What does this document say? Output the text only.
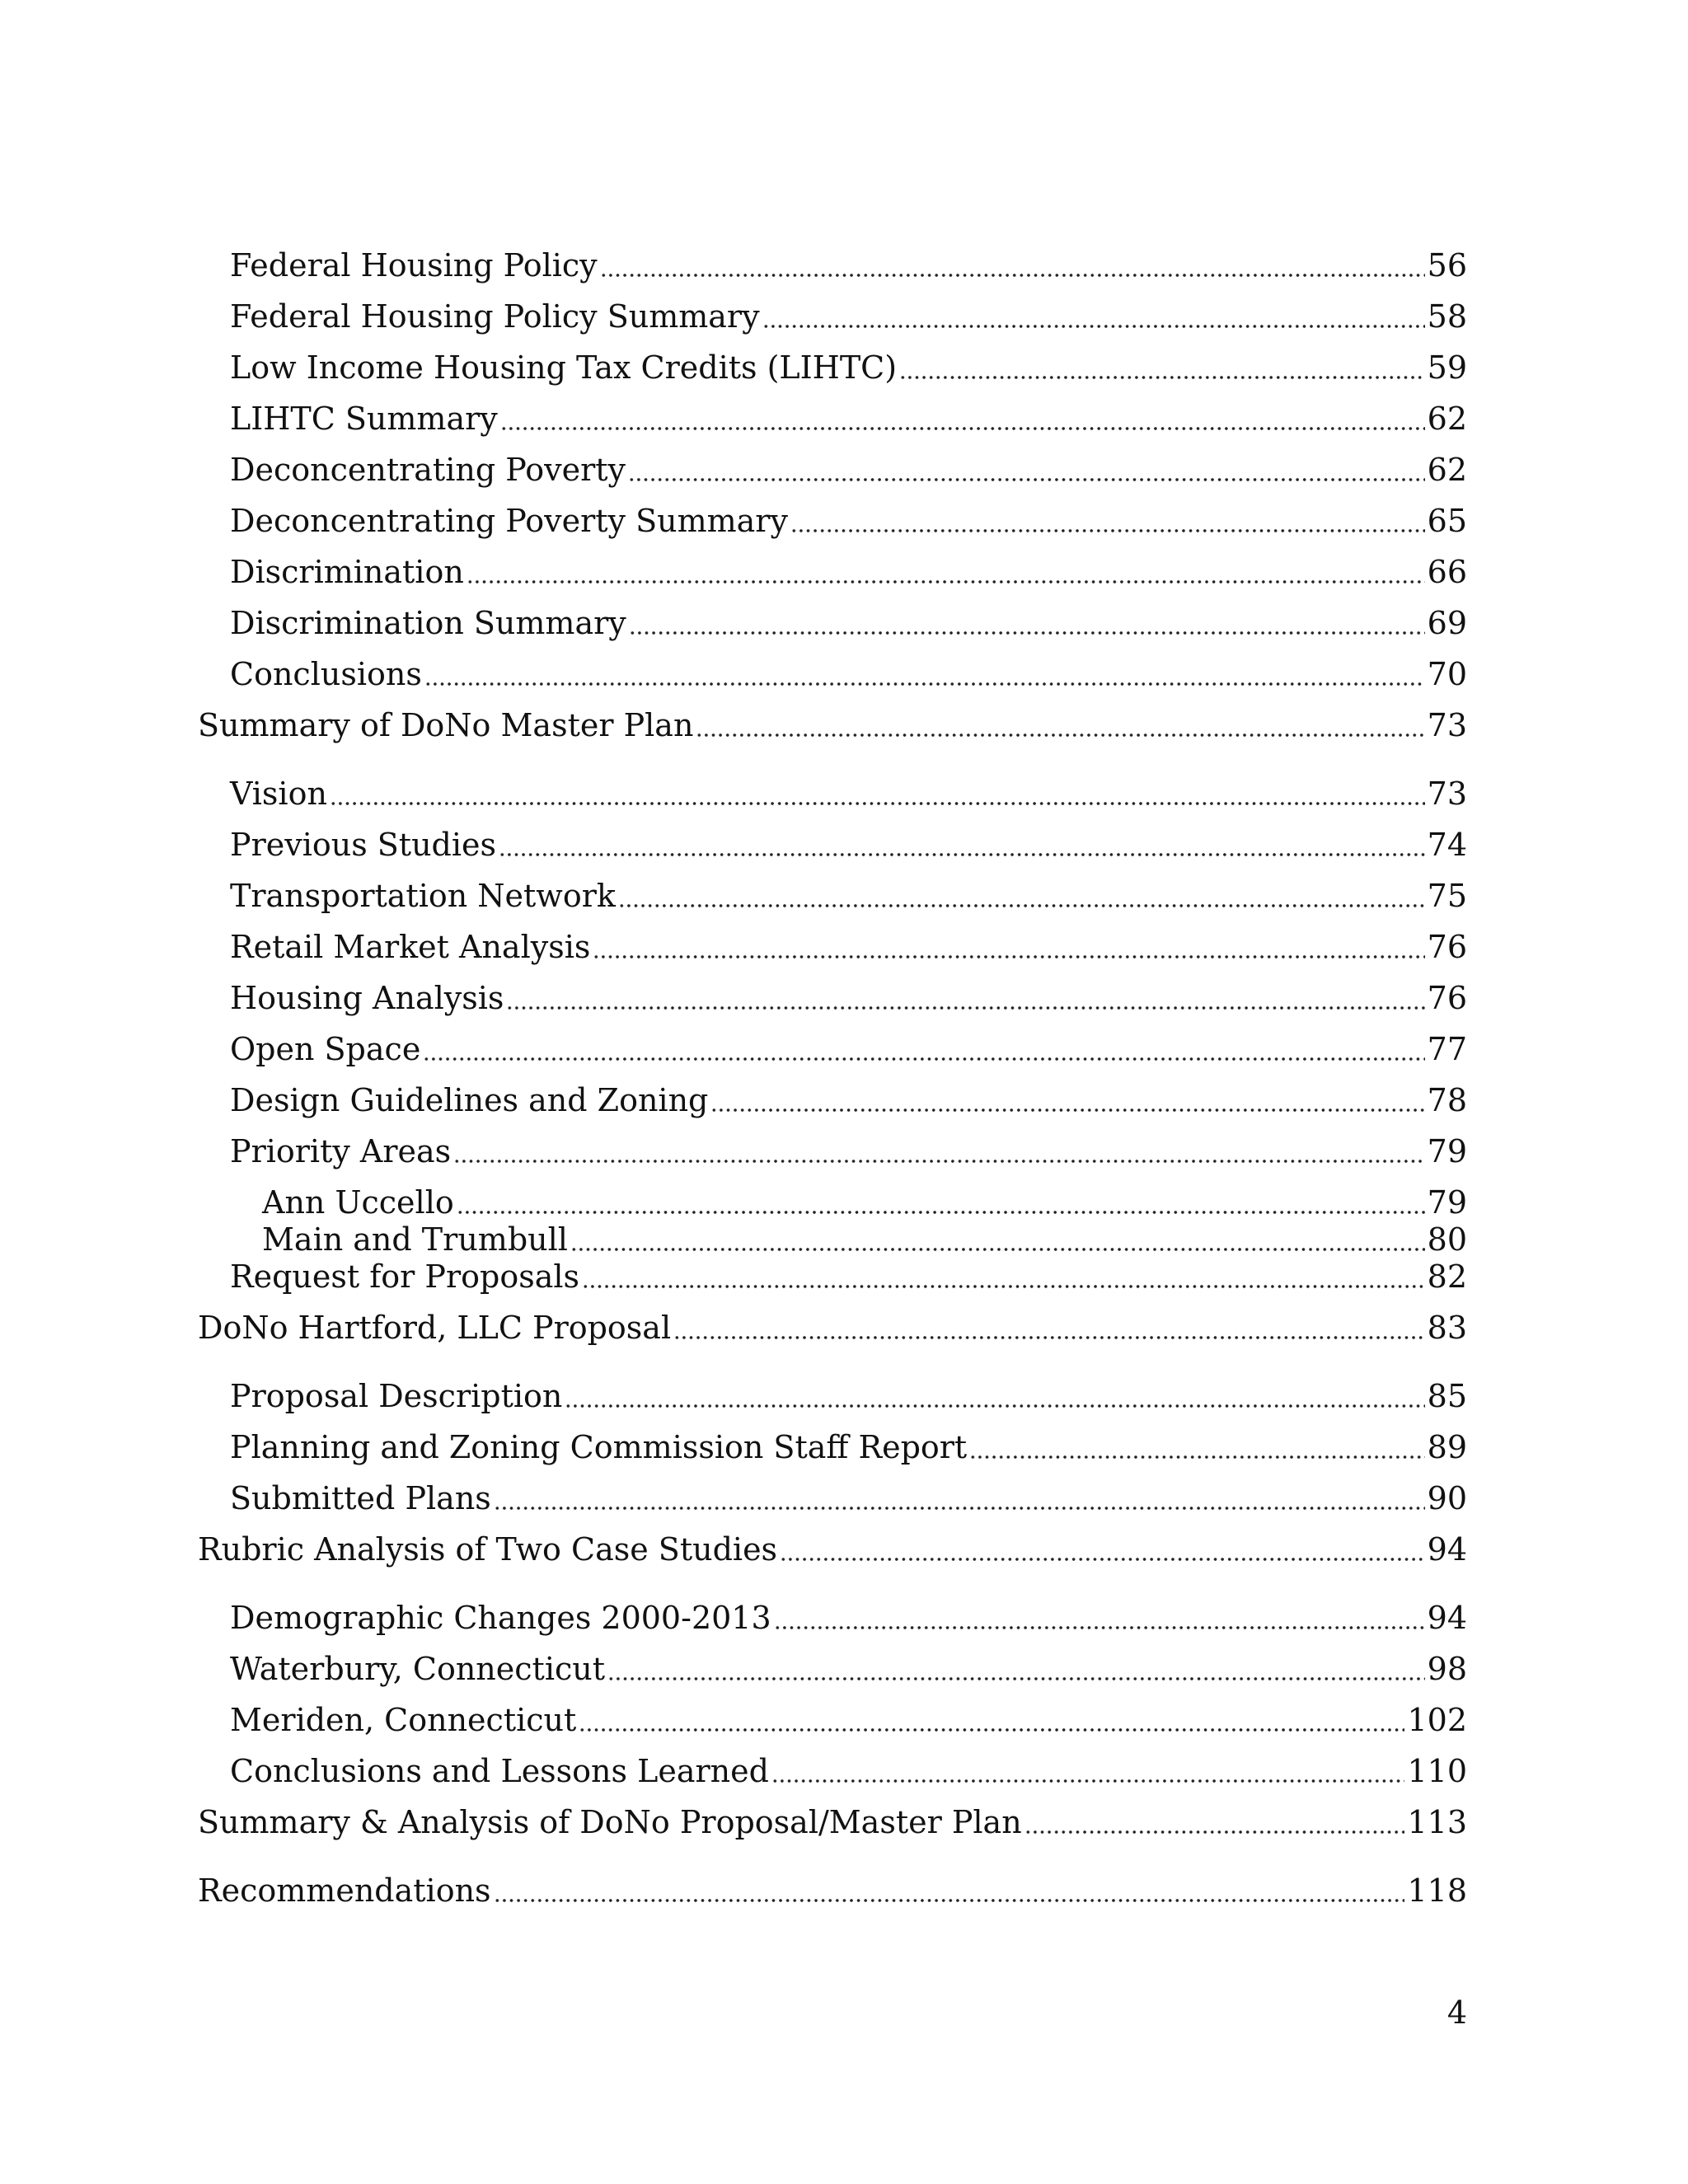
Federal Housing Policy	56
Federal Housing Policy Summary	58
Low Income Housing Tax Credits (LIHTC)	59
LIHTC Summary	62
Deconcentrating Poverty	62
Deconcentrating Poverty Summary	65
Discrimination	66
Discrimination Summary	69
Conclusions	70
Summary of DoNo Master Plan	73
Vision	73
Previous Studies	74
Transportation Network	75
Retail Market Analysis	76
Housing Analysis	76
Open Space	77
Design Guidelines and Zoning	78
Priority Areas	79
Ann Uccello	79
Main and Trumbull	80
Request for Proposals	82
DoNo Hartford, LLC Proposal	83
Proposal Description	85
Planning and Zoning Commission Staff Report	89
Submitted Plans	90
Rubric Analysis of Two Case Studies	94
Demographic Changes 2000-2013	94
Waterbury, Connecticut	98
Meriden, Connecticut	102
Conclusions and Lessons Learned	110
Summary & Analysis of DoNo Proposal/Master Plan	113
Recommendations	118
4
